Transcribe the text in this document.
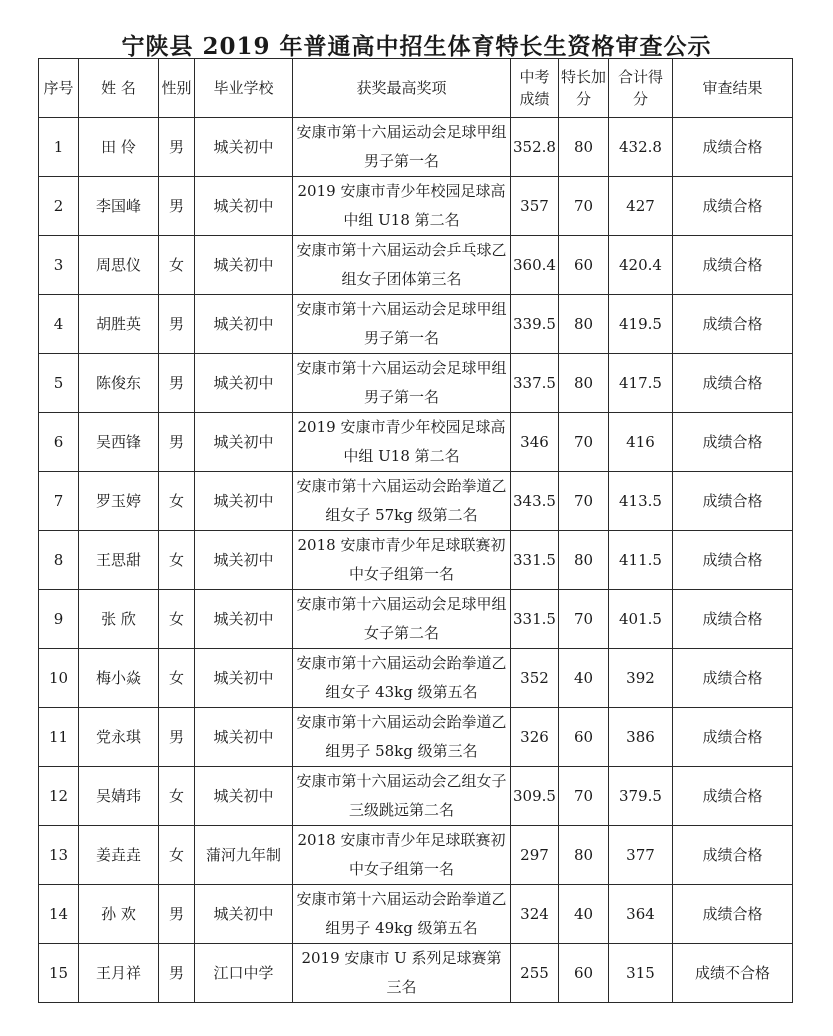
宁陕县 2019 年普通高中招生体育特长生资格审查公示
序号	姓 名	性别	毕业学校	获奖最高奖项	中考成绩	特长加分	合计得分	审查结果
1	田 伶	男	城关初中	安康市第十六届运动会足球甲组男子第一名	352.8	80	432.8	成绩合格
2	李国峰	男	城关初中	2019 安康市青少年校园足球高中组 U18 第二名	357	70	427	成绩合格
3	周思仪	女	城关初中	安康市第十六届运动会乒乓球乙组女子团体第三名	360.4	60	420.4	成绩合格
4	胡胜英	男	城关初中	安康市第十六届运动会足球甲组男子第一名	339.5	80	419.5	成绩合格
5	陈俊东	男	城关初中	安康市第十六届运动会足球甲组男子第一名	337.5	80	417.5	成绩合格
6	吴西锋	男	城关初中	2019 安康市青少年校园足球高中组 U18 第二名	346	70	416	成绩合格
7	罗玉婷	女	城关初中	安康市第十六届运动会跆拳道乙组女子 57kg 级第二名	343.5	70	413.5	成绩合格
8	王思甜	女	城关初中	2018 安康市青少年足球联赛初中女子组第一名	331.5	80	411.5	成绩合格
9	张 欣	女	城关初中	安康市第十六届运动会足球甲组女子第二名	331.5	70	401.5	成绩合格
10	梅小焱	女	城关初中	安康市第十六届运动会跆拳道乙组女子 43kg 级第五名	352	40	392	成绩合格
11	党永琪	男	城关初中	安康市第十六届运动会跆拳道乙组男子 58kg 级第三名	326	60	386	成绩合格
12	吴婧玮	女	城关初中	安康市第十六届运动会乙组女子三级跳远第二名	309.5	70	379.5	成绩合格
13	姜垚垚	女	蒲河九年制	2018 安康市青少年足球联赛初中女子组第一名	297	80	377	成绩合格
14	孙 欢	男	城关初中	安康市第十六届运动会跆拳道乙组男子 49kg 级第五名	324	40	364	成绩合格
15	王月祥	男	江口中学	2019 安康市 U 系列足球赛第三名	255	60	315	成绩不合格
